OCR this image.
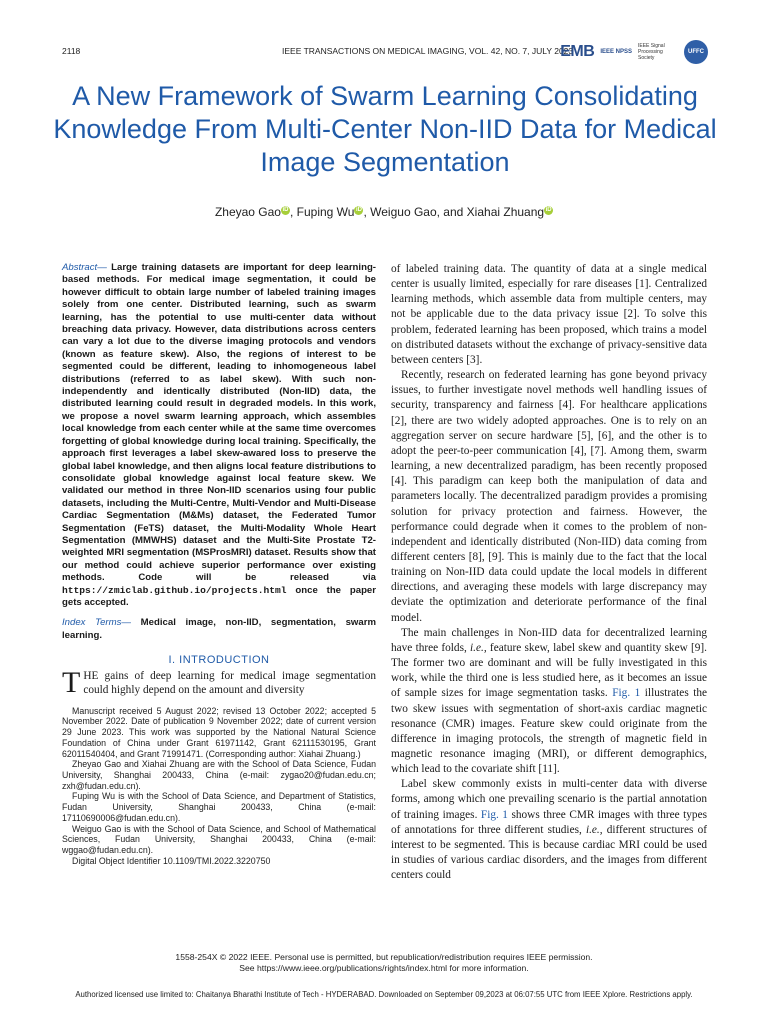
2118	IEEE TRANSACTIONS ON MEDICAL IMAGING, VOL. 42, NO. 7, JULY 2023
EMB IEEE NPSS
IEEE Signal Processing Society
UFFC
A New Framework of Swarm Learning Consolidating Knowledge From Multi-Center Non-IID Data for Medical Image Segmentation
Zheyao Gao iD , Fuping Wu iD , Weiguo Gao, and Xiahai Zhuang iD

Abstract— Large training datasets are important for deep learning-based methods. For medical image segmentation, it could be however difficult to obtain large number of labeled training images solely from one center. Distributed learning, such as swarm learning, has the potential to use multi-center data without breaching data privacy. However, data distributions across centers can vary a lot due to the diverse imaging protocols and vendors (known as feature skew). Also, the regions of interest to be segmented could be different, leading to inhomogeneous label distributions (referred to as label skew). With such non-independently and identically distributed (Non-IID) data, the distributed learning could result in degraded models. In this work, we propose a novel swarm learning approach, which assembles local knowledge from each center while at the same time overcomes forgetting of global knowledge during local training. Specifically, the approach first leverages a label skew-awared loss to preserve the global label knowledge, and then aligns local feature distributions to consolidate global knowledge against local feature skew. We validated our method in three Non-IID scenarios using four public datasets, including the Multi-Centre, Multi-Vendor and Multi-Disease Cardiac Segmentation (M&Ms) dataset, the Federated Tumor Segmentation (FeTS) dataset, the Multi-Modality Whole Heart Segmentation (MMWHS) dataset and the Multi-Site Prostate T2-weighted MRI segmentation (MSProsMRI) dataset. Results show that our method could achieve superior performance over existing methods. Code will be released via https://zmiclab.github.io/projects.html once the paper gets accepted.

Index Terms— Medical image, non-IID, segmentation, swarm learning.

I. INTRODUCTION

THE gains of deep learning for medical image segmentation could highly depend on the amount and diversity

Manuscript received 5 August 2022; revised 13 October 2022; accepted 5 November 2022. Date of publication 9 November 2022; date of current version 29 June 2023. This work was supported by the National Natural Science Foundation of China under Grant 61971142, Grant 62111530195, Grant 62011540404, and Grant 71991471. (Corresponding author: Xiahai Zhuang.)

Zheyao Gao and Xiahai Zhuang are with the School of Data Science, Fudan University, Shanghai 200433, China (e-mail: zygao20@fudan.edu.cn; zxh@fudan.edu.cn).

Fuping Wu is with the School of Data Science, and Department of Statistics, Fudan University, Shanghai 200433, China (e-mail: 17110690006@fudan.edu.cn).

Weiguo Gao is with the School of Data Science, and School of Mathematical Sciences, Fudan University, Shanghai 200433, China (e-mail: wggao@fudan.edu.cn).

Digital Object Identifier 10.1109/TMI.2022.3220750

of labeled training data. The quantity of data at a single medical center is usually limited, especially for rare diseases [1]. Centralized learning methods, which assemble data from multiple centers, may not be applicable due to the data privacy issue [2]. To solve this problem, federated learning has been proposed, which trains a model on distributed datasets without the exchange of privacy-sensitive data between centers [3].

Recently, research on federated learning has gone beyond privacy issues, to further investigate novel methods well handling issues of security, transparency and fairness [4]. For healthcare applications [2], there are two widely adopted approaches. One is to rely on an aggregation server on secure hardware [5], [6], and the other is to adopt the peer-to-peer communication [4], [7]. Among them, swarm learning, a new decentralized paradigm, has been recently proposed [4]. This paradigm can keep both the manipulation of data and parameters locally. The decentralized paradigm provides a promising solution for privacy protection and fairness. However, the performance could degrade when it comes to the problem of non-independent and identically distributed (Non-IID) data coming from different centers [8], [9]. This is mainly due to the fact that the local training on Non-IID data could update the local models in different directions, and averaging these models with large discrepancy may deviate the optimization and deteriorate performance of the final model.

The main challenges in Non-IID data for decentralized learning have three folds, i.e., feature skew, label skew and quantity skew [9]. The former two are dominant and will be fully investigated in this work, while the third one is less studied here, as it becomes an issue of sample sizes for image segmentation tasks. Fig. 1 illustrates the two skew issues with segmentation of short-axis cardiac magnetic resonance (CMR) images. Feature skew could originate from the difference in imaging protocols, the strength of magnetic field in magnetic resonance imaging (MRI), or different demographics, which lead to the covariate shift [11].

Label skew commonly exists in multi-center data with diverse forms, among which one prevailing scenario is the partial annotation of training images. Fig. 1 shows three CMR images with three types of annotations for three different studies, i.e., different structures of interest to be segmented. This is because cardiac MRI could be used in studies of various cardiac disorders, and the images from different centers could

1558-254X © 2022 IEEE. Personal use is permitted, but republication/redistribution requires IEEE permission.
See https://www.ieee.org/publications/rights/index.html for more information.
Authorized licensed use limited to: Chaitanya Bharathi Institute of Tech - HYDERABAD. Downloaded on September 09,2023 at 06:07:55 UTC from IEEE Xplore. Restrictions apply.
